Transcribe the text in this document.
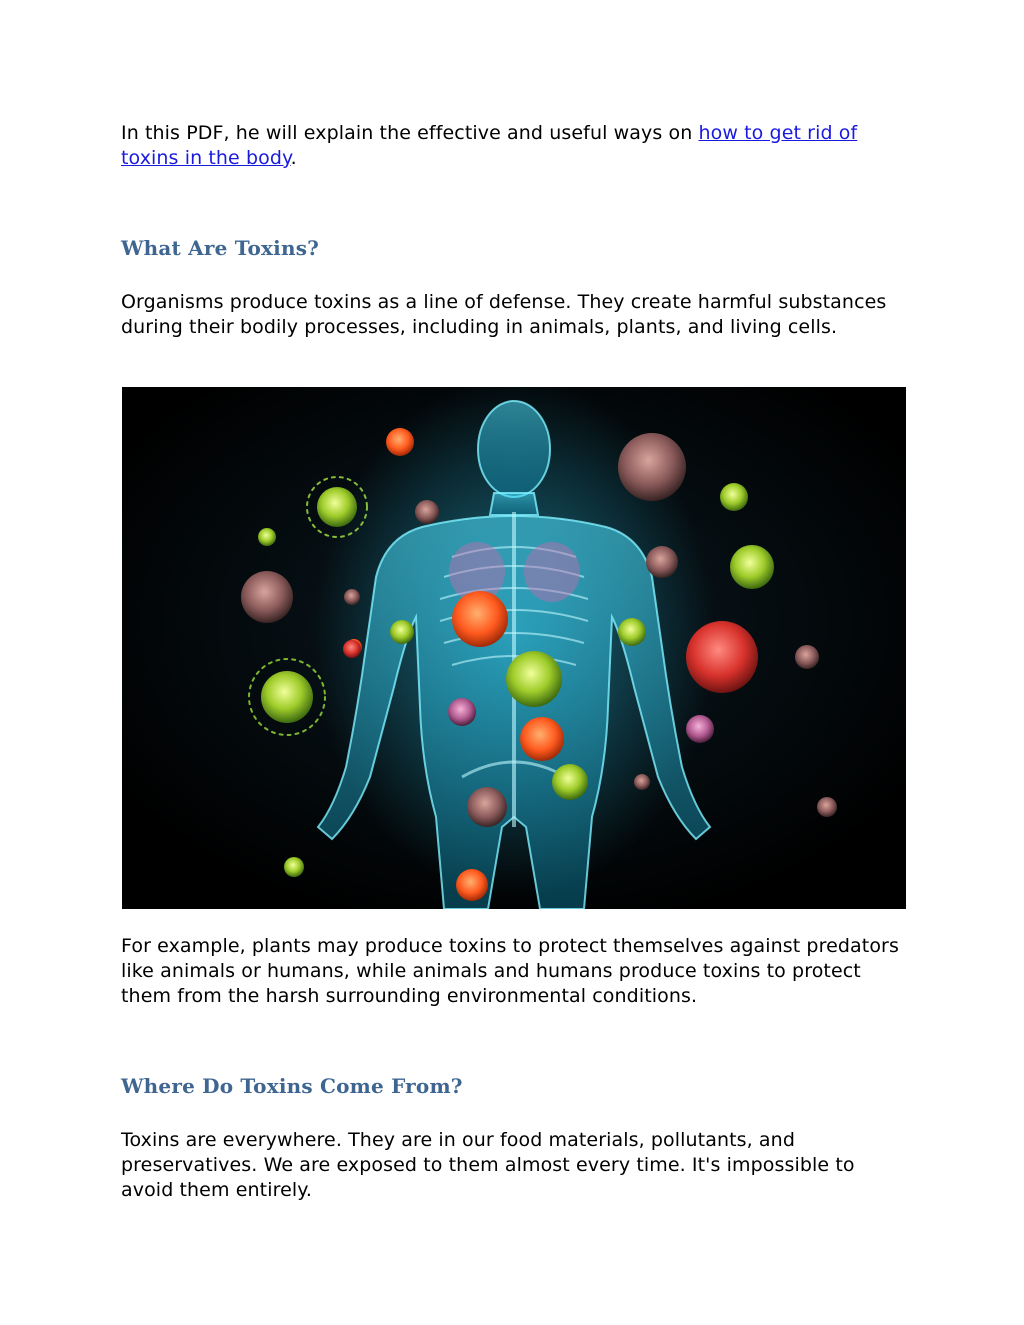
In this PDF, he will explain the effective and useful ways on how to get rid of toxins in the body.

What Are Toxins?

Organisms produce toxins as a line of defense. They create harmful substances during their bodily processes, including in animals, plants, and living cells.

For example, plants may produce toxins to protect themselves against predators like animals or humans, while animals and humans produce toxins to protect them from the harsh surrounding environmental conditions.

Where Do Toxins Come From?

Toxins are everywhere. They are in our food materials, pollutants, and preservatives. We are exposed to them almost every time. It's impossible to avoid them entirely.
